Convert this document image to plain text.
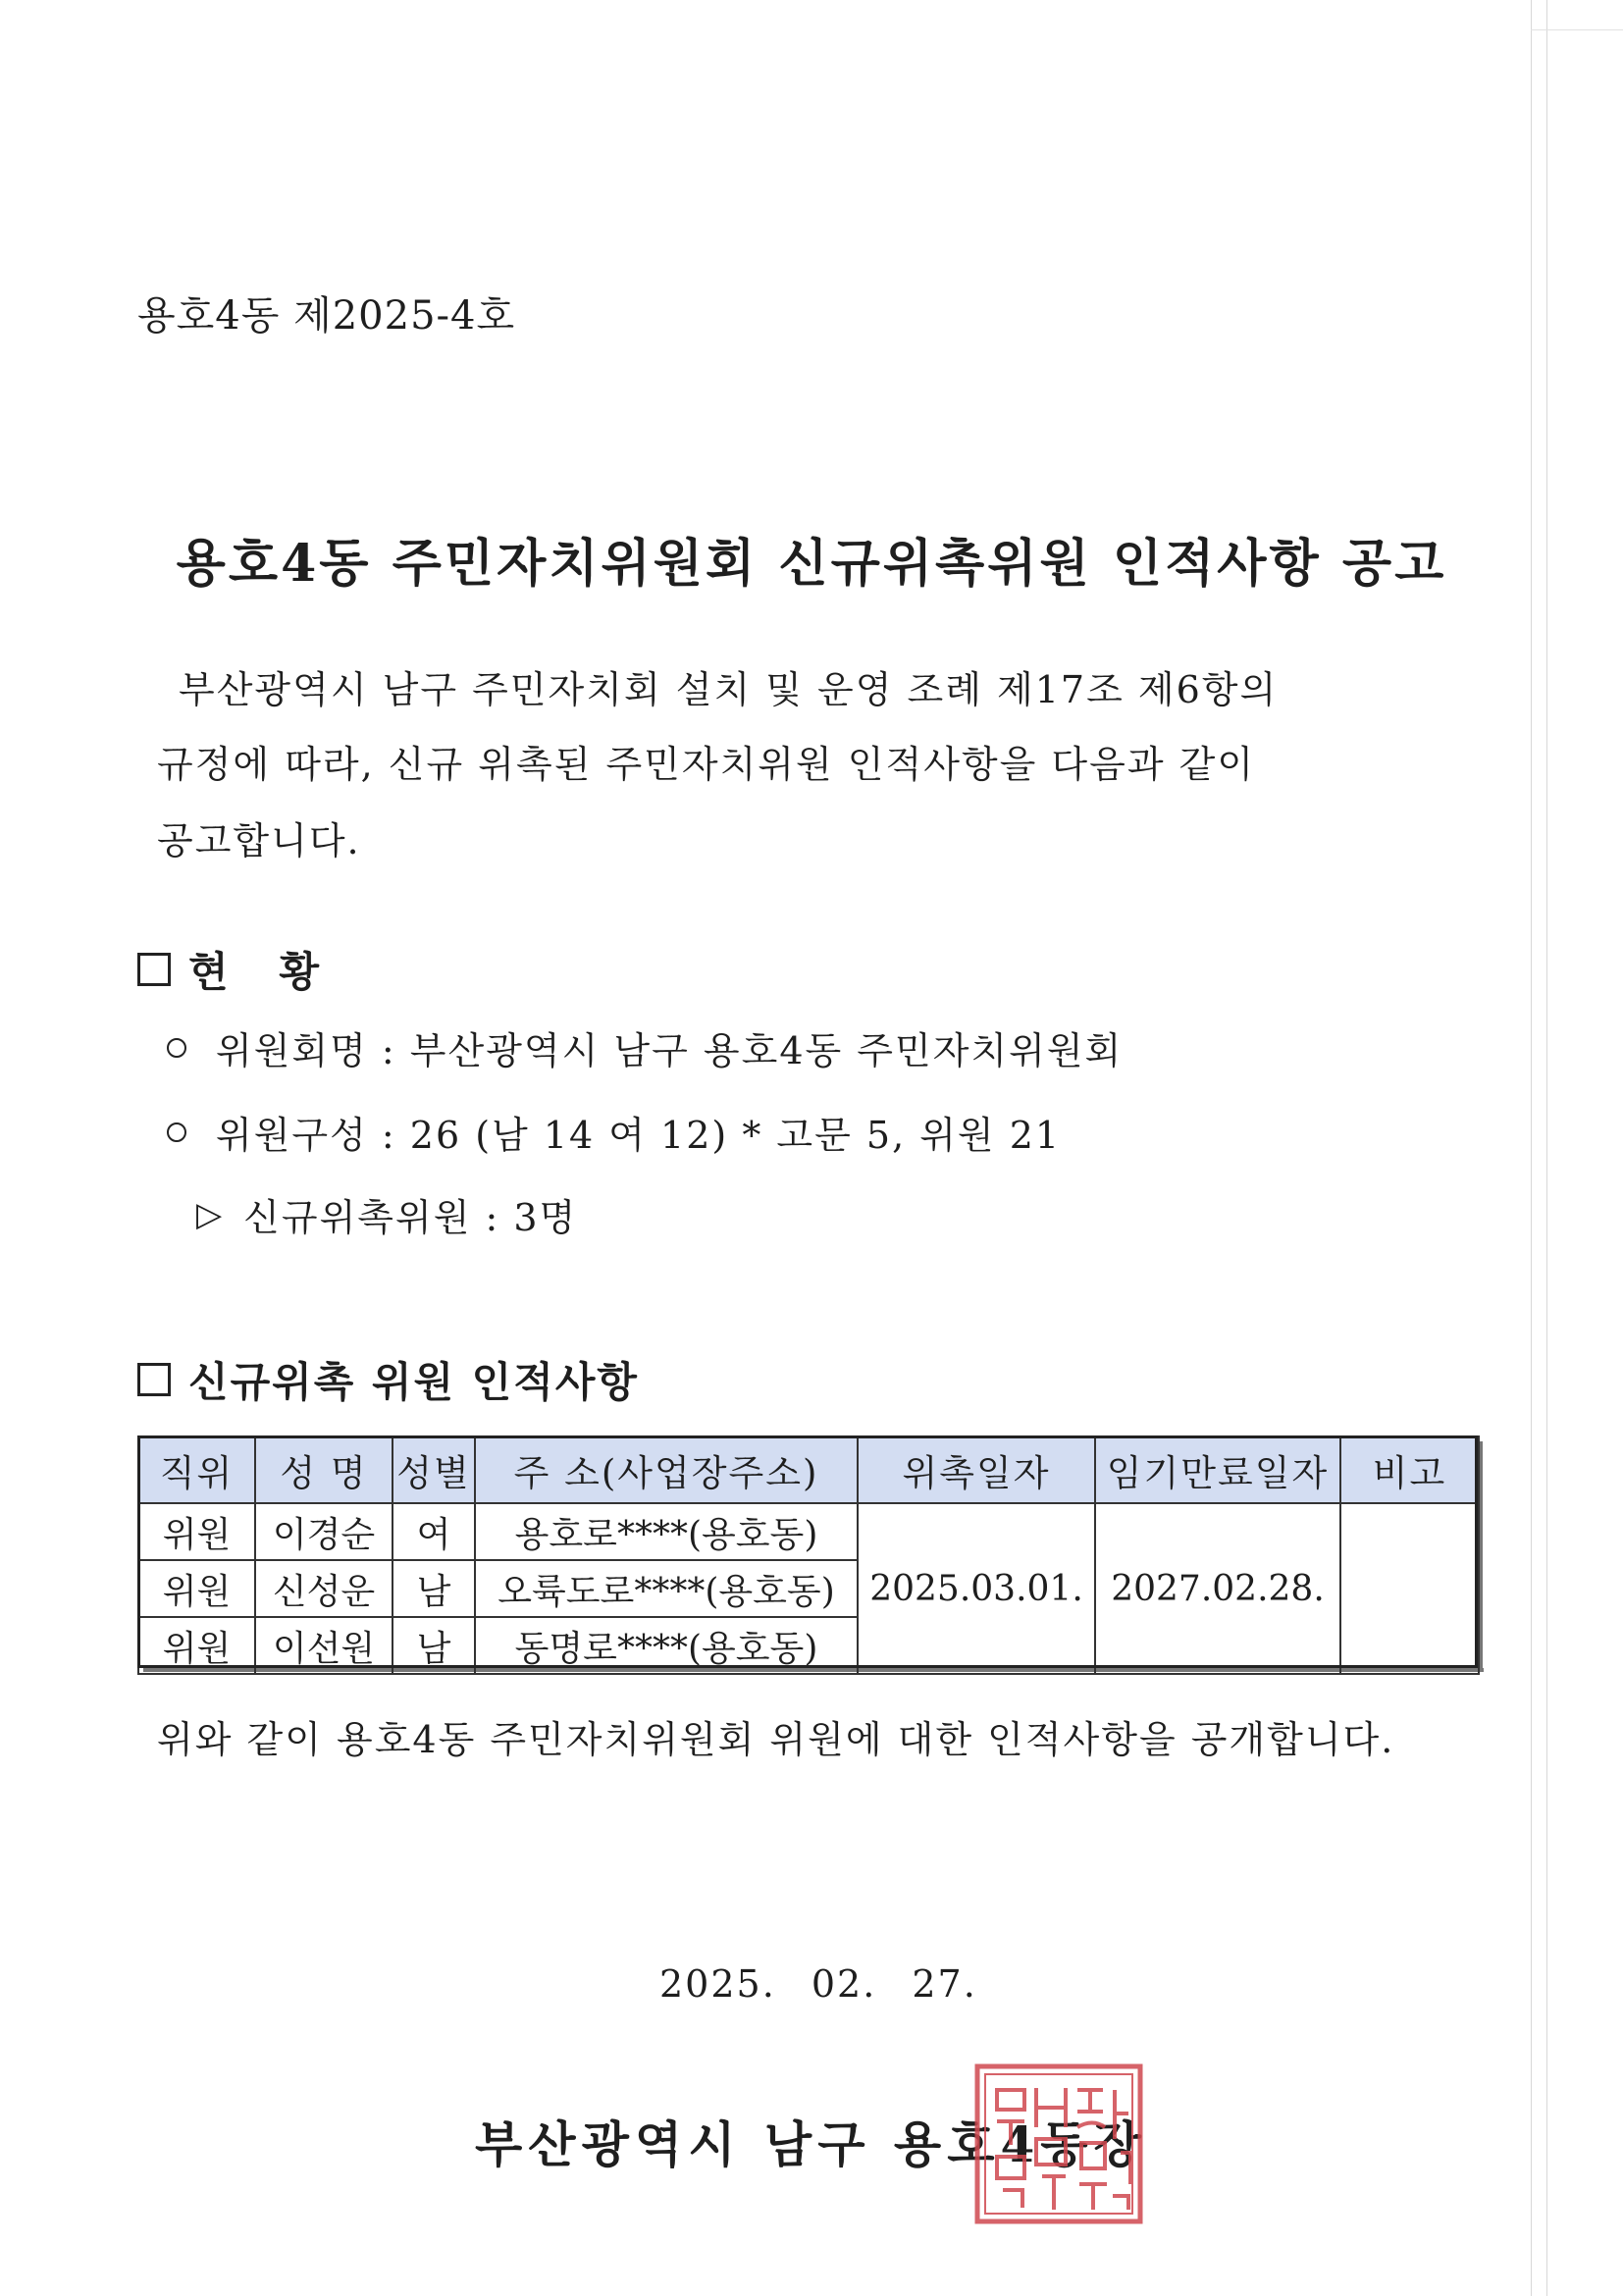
용호4동 제2025-4호
용호4동 주민자치위원회 신규위촉위원 인적사항 공고
부산광역시 남구 주민자치회 설치 및 운영 조례 제17조 제6항의
규정에 따라, 신규 위촉된 주민자치위원 인적사항을 다음과 같이
공고합니다.
현   황
위원회명 : 부산광역시 남구 용호4동 주민자치위원회
위원구성 : 26 (남 14 여 12) * 고문 5, 위원 21
▷ 신규위촉위원 : 3명
신규위촉 위원 인적사항
직위	성 명	성별	주 소(사업장주소)	위촉일자	임기만료일자	비고
위원	이경순	여	용호로****(용호동)	2025.03.01.	2027.02.28.	
위원	신성운	남	오륙도로****(용호동)			
위원	이선원	남	동명로****(용호동)			
위와 같이 용호4동 주민자치위원회 위원에 대한 인적사항을 공개합니다.
2025. 02. 27.
부산광역시 남구 용호4동장
